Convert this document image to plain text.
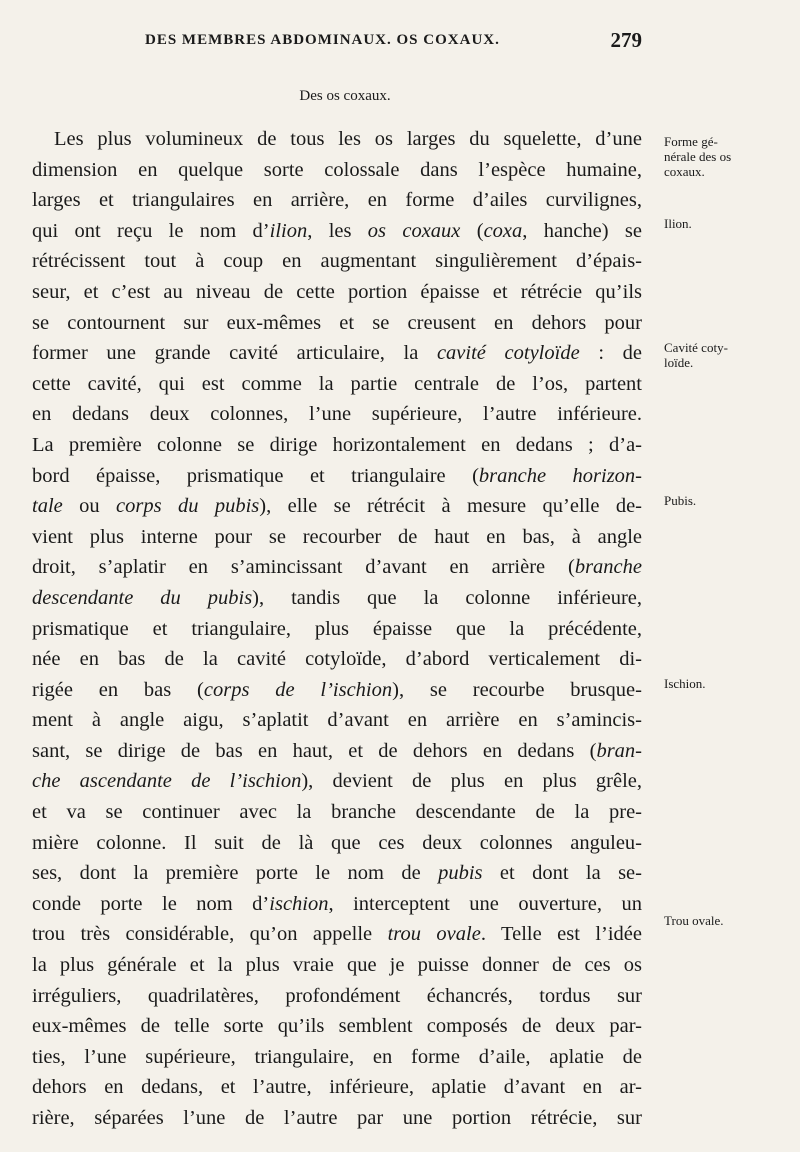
DES MEMBRES ABDOMINAUX. OS COXAUX.	279
Des os coxaux.
Les plus volumineux de tous les os larges du squelette, d’une
dimension en quelque sorte colossale dans l’espèce humaine,
larges et triangulaires en arrière, en forme d’ailes curvilignes,
qui ont reçu le nom d’ilion, les os coxaux (coxa, hanche) se
rétrécissent tout à coup en augmentant singulièrement d’épais-
seur, et c’est au niveau de cette portion épaisse et rétrécie qu’ils
se contournent sur eux-mêmes et se creusent en dehors pour
former une grande cavité articulaire, la cavité cotyloïde : de
cette cavité, qui est comme la partie centrale de l’os, partent
en dedans deux colonnes, l’une supérieure, l’autre inférieure.
La première colonne se dirige horizontalement en dedans ; d’a-
bord épaisse, prismatique et triangulaire (branche horizon-
tale ou corps du pubis), elle se rétrécit à mesure qu’elle de-
vient plus interne pour se recourber de haut en bas, à angle
droit, s’aplatir en s’amincissant d’avant en arrière (branche
descendante du pubis), tandis que la colonne inférieure,
prismatique et triangulaire, plus épaisse que la précédente,
née en bas de la cavité cotyloïde, d’abord verticalement di-
rigée en bas (corps de l’ischion), se recourbe brusque-
ment à angle aigu, s’aplatit d’avant en arrière en s’amincis-
sant, se dirige de bas en haut, et de dehors en dedans (bran-
che ascendante de l’ischion), devient de plus en plus grêle,
et va se continuer avec la branche descendante de la pre-
mière colonne. Il suit de là que ces deux colonnes anguleu-
ses, dont la première porte le nom de pubis et dont la se-
conde porte le nom d’ischion, interceptent une ouverture, un
trou très considérable, qu’on appelle trou ovale. Telle est l’idée
la plus générale et la plus vraie que je puisse donner de ces os
irréguliers, quadrilatères, profondément échancrés, tordus sur
eux-mêmes de telle sorte qu’ils semblent composés de deux par-
ties, l’une supérieure, triangulaire, en forme d’aile, aplatie de
dehors en dedans, et l’autre, inférieure, aplatie d’avant en ar-
rière, séparées l’une de l’autre par une portion rétrécie, sur
Forme gé-
nérale des os
coxaux.
Ilion.
Cavité coty-
loïde.
Pubis.
Ischion.
Trou ovale.
